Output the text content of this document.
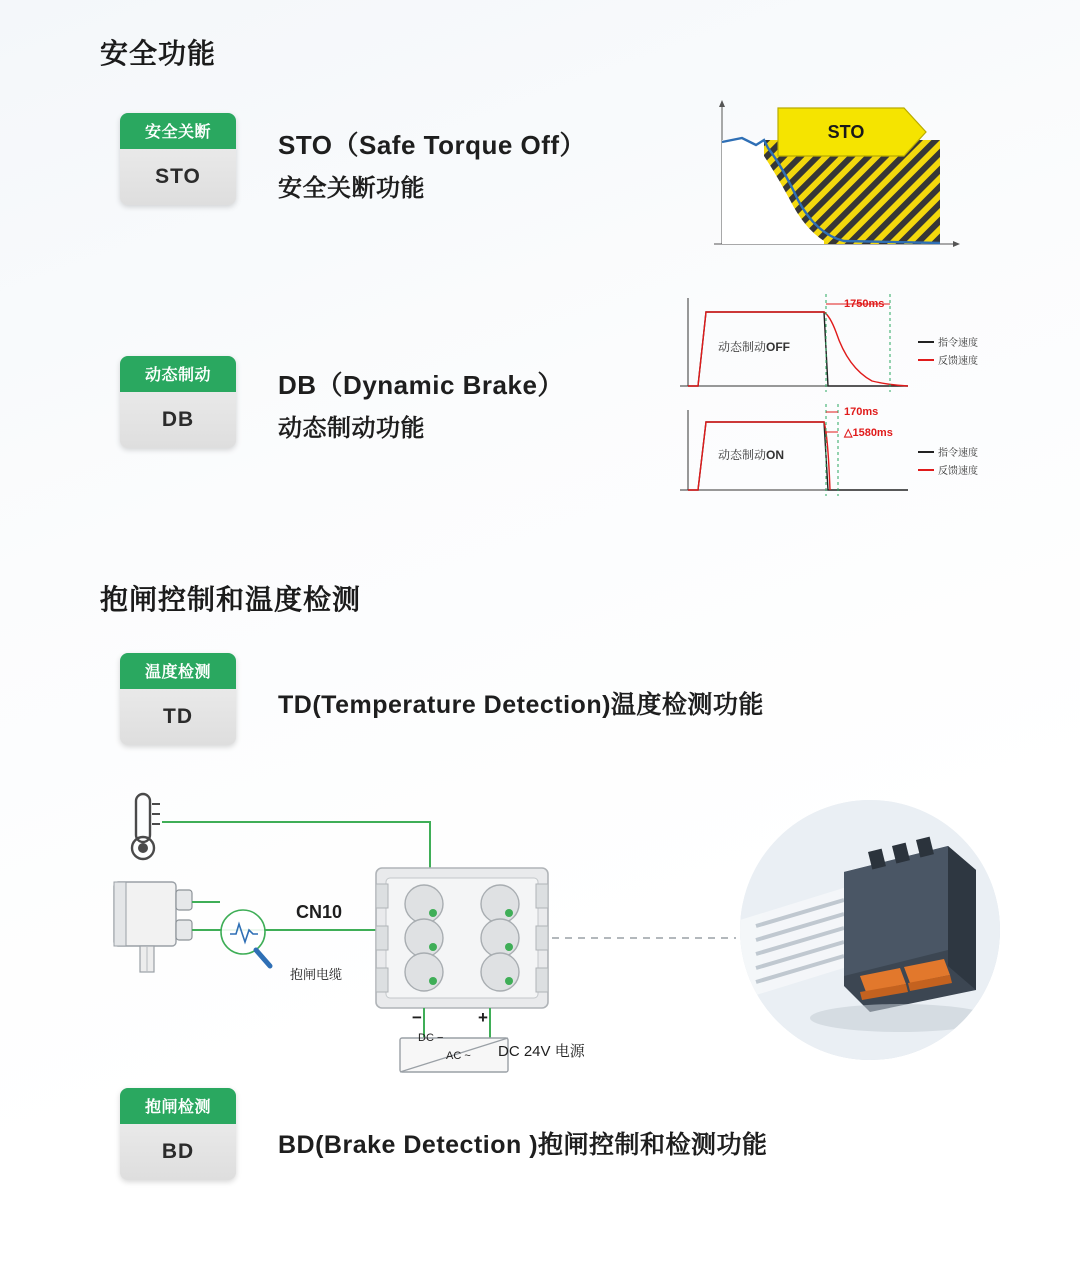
安全功能
安全关断
STO
STO（Safe Torque Off）
安全关断功能
STO
动态制动
DB
DB（Dynamic Brake）
动态制动功能
动态制动OFF
1750ms
指令速度
反馈速度
动态制动ON
170ms
△1580ms
指令速度
反馈速度
抱闸控制和温度检测
温度检测
TD	TD(Temperature Detection)温度检测功能
CN10
抱闸电缆
−	+
DC −
AC ~ DC 24V 电源
抱闸检测
BD	BD(Brake Detection )抱闸控制和检测功能
